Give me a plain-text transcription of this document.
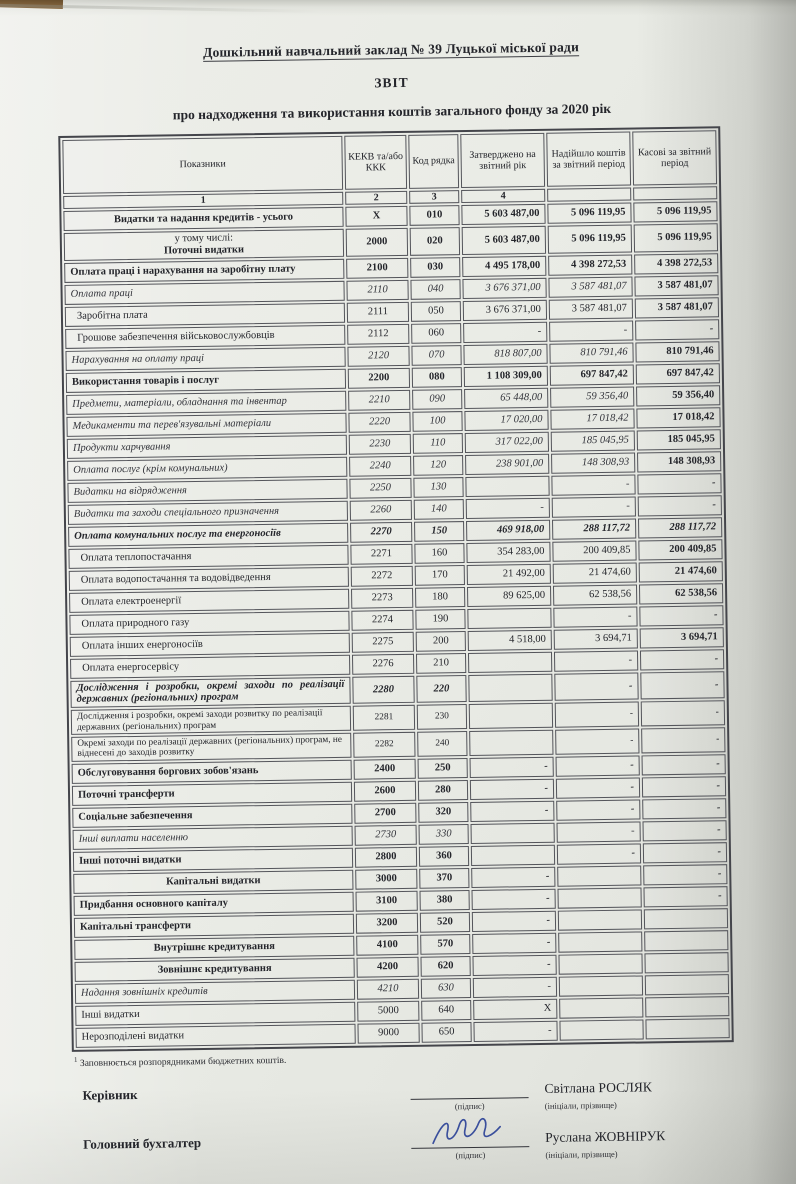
Дошкільний навчальний заклад № 39 Луцької міської ради
ЗВІТ
про надходження та використання коштів загального фонду за 2020 рік
Показники	КЕКВ та/або ККК	Код рядка	Затверджено на звітний рік	Надійшло коштів за звітний період	Касові за звітний період
1	2	3	4		

Видатки та надання кредитів - усього	X	010	5 603 487,00	5 096 119,95	5 096 119,95

у тому числі:
Поточні видатки	2000	020	5 603 487,00	5 096 119,95	5 096 119,95

Оплата праці і нарахування на заробітну плату	2100	030	4 495 178,00	4 398 272,53	4 398 272,53

Оплата праці	2110	040	3 676 371,00	3 587 481,07	3 587 481,07

Заробітна плата	2111	050	3 676 371,00	3 587 481,07	3 587 481,07

Грошове забезпечення військовослужбовців	2112	060	-	-	-

Нарахування на оплату праці	2120	070	818 807,00	810 791,46	810 791,46

Використання товарів і послуг	2200	080	1 108 309,00	697 847,42	697 847,42

Предмети, матеріали, обладнання та інвентар	2210	090	65 448,00	59 356,40	59 356,40

Медикаменти та перев'язувальні матеріали	2220	100	17 020,00	17 018,42	17 018,42

Продукти харчування	2230	110	317 022,00	185 045,95	185 045,95

Оплата послуг (крім комунальних)	2240	120	238 901,00	148 308,93	148 308,93

Видатки на відрядження	2250	130		-	-

Видатки та заходи спеціального призначення	2260	140	-	-	-

Оплата комунальних послуг та енергоносіїв	2270	150	469 918,00	288 117,72	288 117,72

Оплата теплопостачання	2271	160	354 283,00	200 409,85	200 409,85

Оплата водопостачання та водовідведення	2272	170	21 492,00	21 474,60	21 474,60

Оплата електроенергії	2273	180	89 625,00	62 538,56	62 538,56

Оплата природного газу	2274	190		-	-

Оплата інших енергоносіїв	2275	200	4 518,00	3 694,71	3 694,71

Оплата енергосервісу	2276	210		-	-

Дослідження і розробки, окремі заходи по реалізації державних (регіональних) програм	2280	220		-	-

Дослідження і розробки, окремі заходи розвитку по реалізації державних (регіональних) програм	2281	230		-	-

Окремі заходи по реалізації державних (регіональних) програм, не віднесені до заходів розвитку	2282	240		-	-

Обслуговування боргових зобов'язань	2400	250	-	-	-

Поточні трансферти	2600	280	-	-	-

Соціальне забезпечення	2700	320	-	-	-

Інші виплати населенню	2730	330		-	-

Інші поточні видатки	2800	360		-	-

Капітальні видатки	3000	370	-		-

Придбання основного капіталу	3100	380	-		-

Капітальні трансферти	3200	520	-		

Внутрішнє кредитування	4100	570	-		

Зовнішнє кредитування	4200	620	-		

Надання зовнішніх кредитів	4210	630	-		

Інші видатки	5000	640	X		

Нерозподілені видатки	9000	650	-		
$^1$ Заповнюється розпорядниками бюджетних коштів.
Керівник
(підпис)
Світлана РОСЛЯК
(ініціали, прізвище)
Головний бухгалтер
(підпис)
Руслана ЖОВНІРУК
(ініціали, прізвище)
